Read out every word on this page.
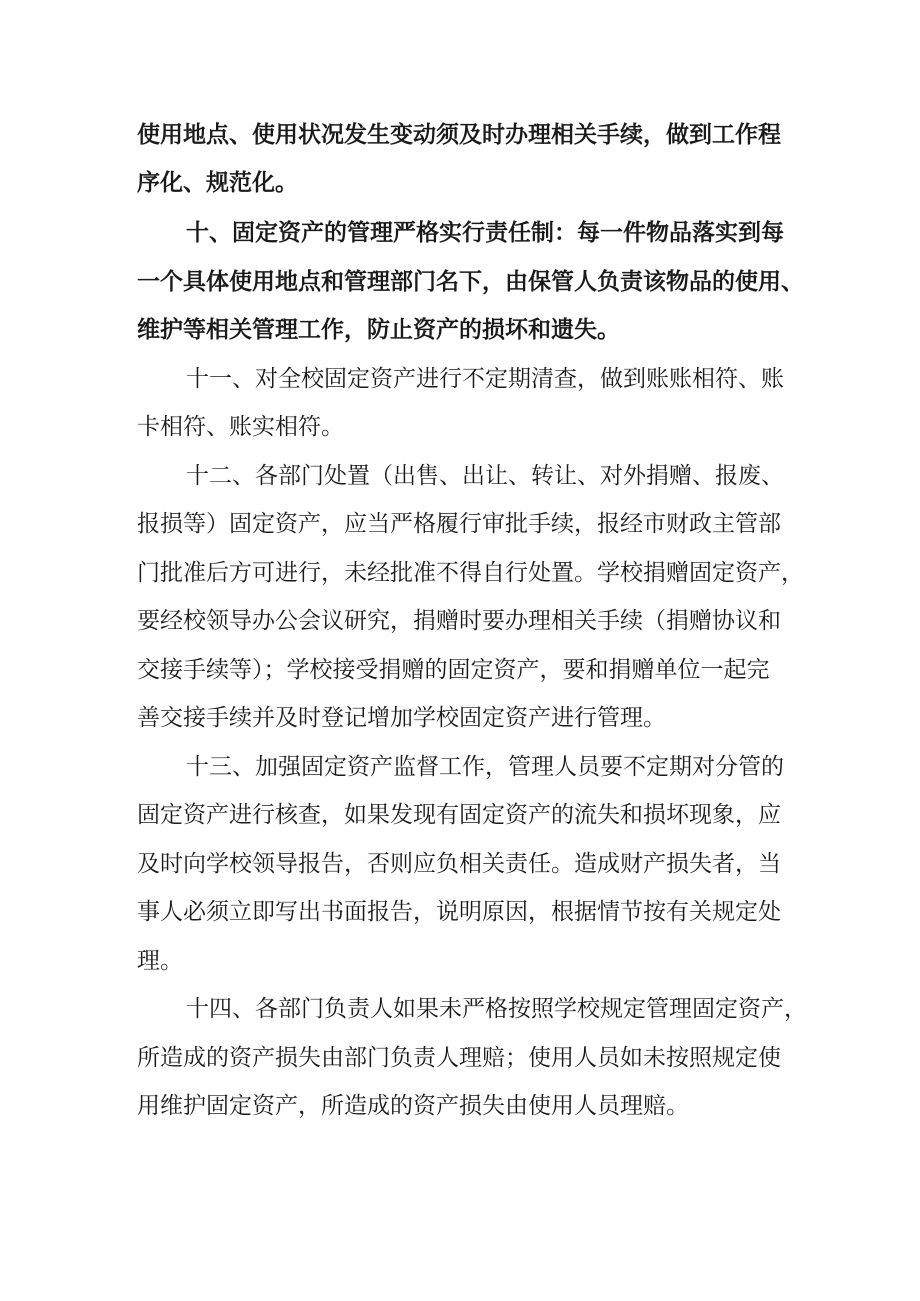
使用地点、使用状况发生变动须及时办理相关手续，做到工作程
序化、规范化。
十、固定资产的管理严格实行责任制：每一件物品落实到每
一个具体使用地点和管理部门名下，由保管人负责该物品的使用、
维护等相关管理工作，防止资产的损坏和遗失。
十一、对全校固定资产进行不定期清查，做到账账相符、账
卡相符、账实相符。
十二、各部门处置（出售、出让、转让、对外捐赠、报废、
报损等）固定资产，应当严格履行审批手续，报经市财政主管部
门批准后方可进行，未经批准不得自行处置。学校捐赠固定资产，
要经校领导办公会议研究，捐赠时要办理相关手续（捐赠协议和
交接手续等）；学校接受捐赠的固定资产，要和捐赠单位一起完
善交接手续并及时登记增加学校固定资产进行管理。
十三、加强固定资产监督工作，管理人员要不定期对分管的
固定资产进行核查，如果发现有固定资产的流失和损坏现象，应
及时向学校领导报告，否则应负相关责任。造成财产损失者，当
事人必须立即写出书面报告，说明原因，根据情节按有关规定处
理。
十四、各部门负责人如果未严格按照学校规定管理固定资产，
所造成的资产损失由部门负责人理赔；使用人员如未按照规定使
用维护固定资产，所造成的资产损失由使用人员理赔。
